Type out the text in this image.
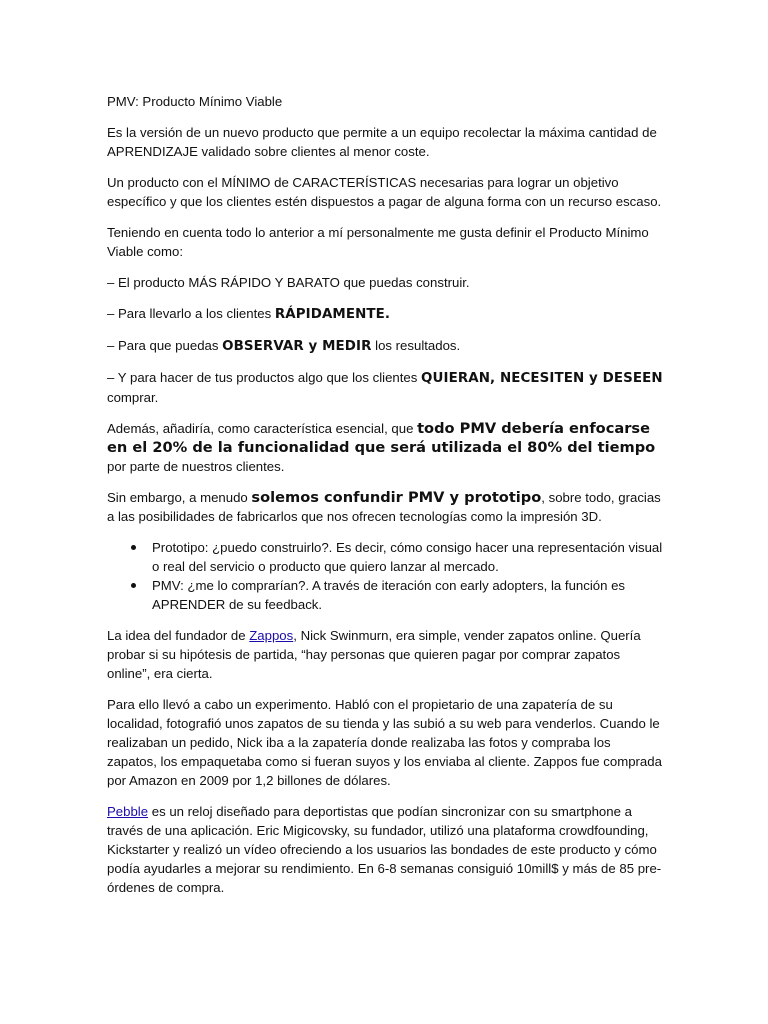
PMV: Producto Mínimo Viable

Es la versión de un nuevo producto que permite a un equipo recolectar la máxima cantidad de APRENDIZAJE validado sobre clientes al menor coste.

Un producto con el MÍNIMO de CARACTERÍSTICAS necesarias para lograr un objetivo específico y que los clientes estén dispuestos a pagar de alguna forma con un recurso escaso.

Teniendo en cuenta todo lo anterior a mí personalmente me gusta definir el Producto Mínimo Viable como:

– El producto MÁS RÁPIDO Y BARATO que puedas construir.

– Para llevarlo a los clientes RÁPIDAMENTE.

– Para que puedas OBSERVAR y MEDIR los resultados.

– Y para hacer de tus productos algo que los clientes QUIERAN, NECESITEN y DESEEN comprar.

Además, añadiría, como característica esencial, que todo PMV debería enfocarse en el 20% de la funcionalidad que será utilizada el 80% del tiempo por parte de nuestros clientes.

Sin embargo, a menudo solemos confundir PMV y prototipo, sobre todo, gracias a las posibilidades de fabricarlos que nos ofrecen tecnologías como la impresión 3D.

Prototipo: ¿puedo construirlo?. Es decir, cómo consigo hacer una representación visual o real del servicio o producto que quiero lanzar al mercado.
PMV: ¿me lo comprarían?. A través de iteración con early adopters, la función es APRENDER de su feedback.

La idea del fundador de Zappos, Nick Swinmurn, era simple, vender zapatos online. Quería probar si su hipótesis de partida, “hay personas que quieren pagar por comprar zapatos online”, era cierta.

Para ello llevó a cabo un experimento. Habló con el propietario de una zapatería de su localidad, fotografió unos zapatos de su tienda y las subió a su web para venderlos. Cuando le realizaban un pedido, Nick iba a la zapatería donde realizaba las fotos y compraba los zapatos, los empaquetaba como si fueran suyos y los enviaba al cliente. Zappos fue comprada por Amazon en 2009 por 1,2 billones de dólares.

Pebble es un reloj diseñado para deportistas que podían sincronizar con su smartphone a través de una aplicación. Eric Migicovsky, su fundador, utilizó una plataforma crowdfounding, Kickstarter y realizó un vídeo ofreciendo a los usuarios las bondades de este producto y cómo podía ayudarles a mejorar su rendimiento. En 6-8 semanas consiguió 10mill$ y más de 85 pre-órdenes de compra.
